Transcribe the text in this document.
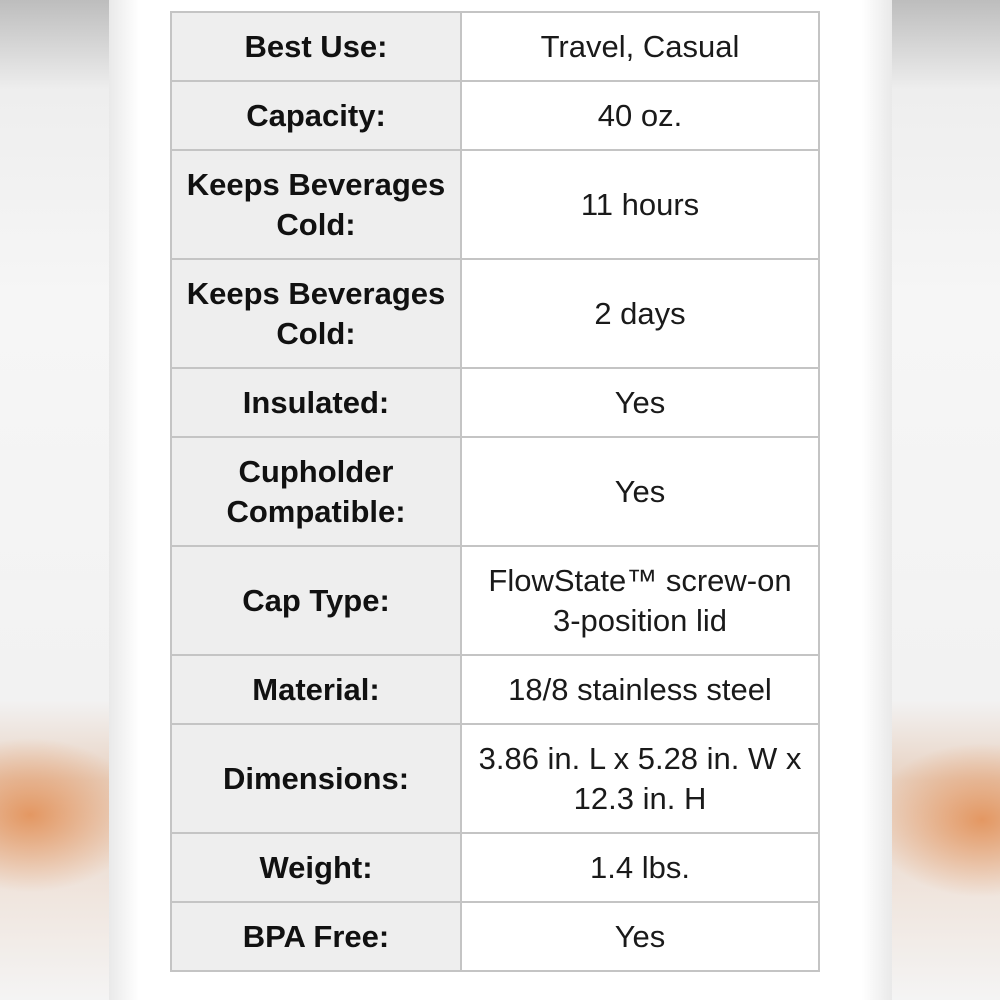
Best Use:	Travel, Casual
Capacity:	40 oz.
Keeps Beverages Cold:	11 hours
Keeps Beverages Cold:	2 days
Insulated:	Yes
Cupholder Compatible:	Yes
Cap Type:	FlowState™ screw-on 3-position lid
Material:	18/8 stainless steel
Dimensions:	3.86 in. L x 5.28 in. W x 12.3 in. H
Weight:	1.4 lbs.
BPA Free:	Yes
